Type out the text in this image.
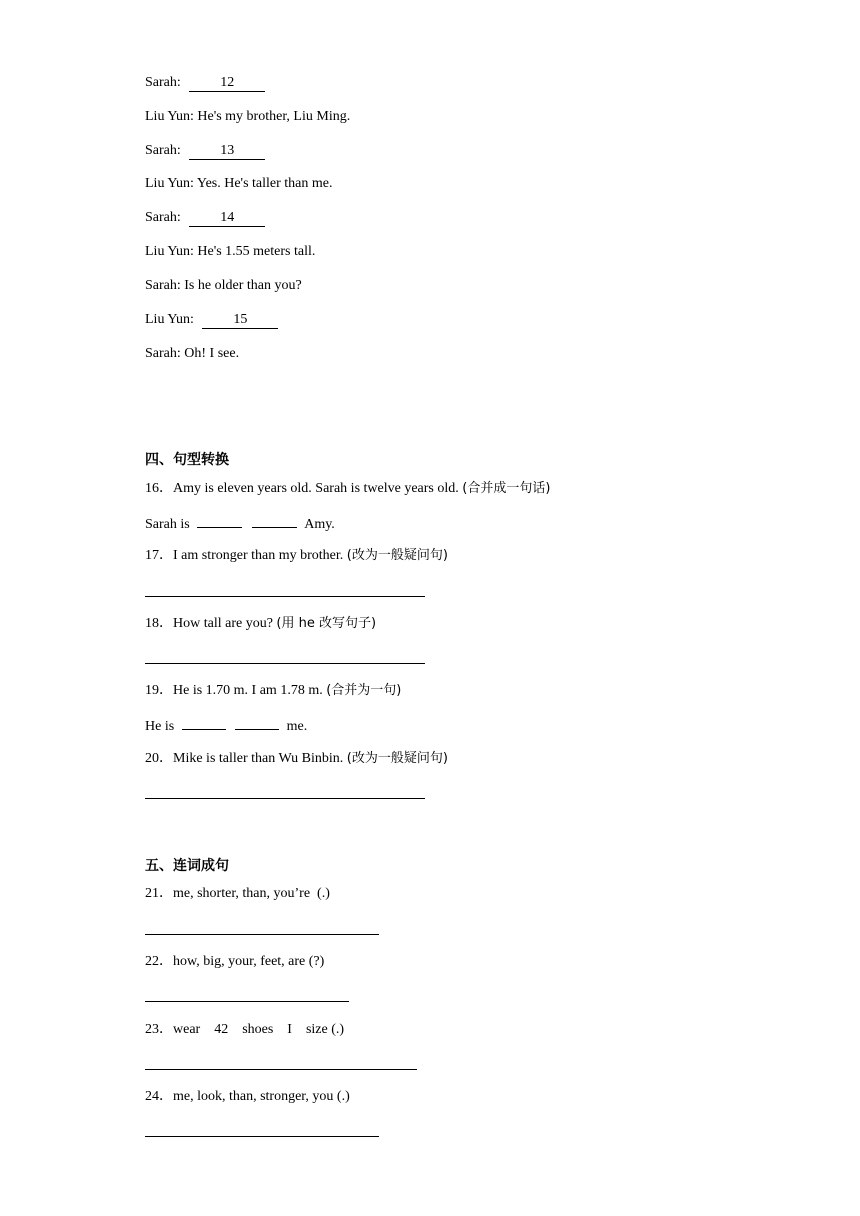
Sarah:	12
Liu Yun: He's my brother, Liu Ming.
Sarah:	13
Liu Yun: Yes. He's taller than me.
Sarah:	14
Liu Yun: He's 1.55 meters tall.
Sarah: Is he older than you?
Liu Yun:	15
Sarah: Oh! I see.
四、句型转换
16．Amy is eleven years old. Sarah is twelve years old. (合并成一句话)
Sarah is	Amy.
17．I am stronger than my brother. (改为一般疑问句)
18．How tall are you? (用 he 改写句子)
19．He is 1.70 m. I am 1.78 m. (合并为一句)
He is	me.
20．Mike is taller than Wu Binbin. (改为一般疑问句)
五、连词成句
21．me, shorter, than, you’re  (.)
22．how, big, your, feet, are (?)
23．wear    42    shoes    I    size (.)
24．me, look, than, stronger, you (.)
